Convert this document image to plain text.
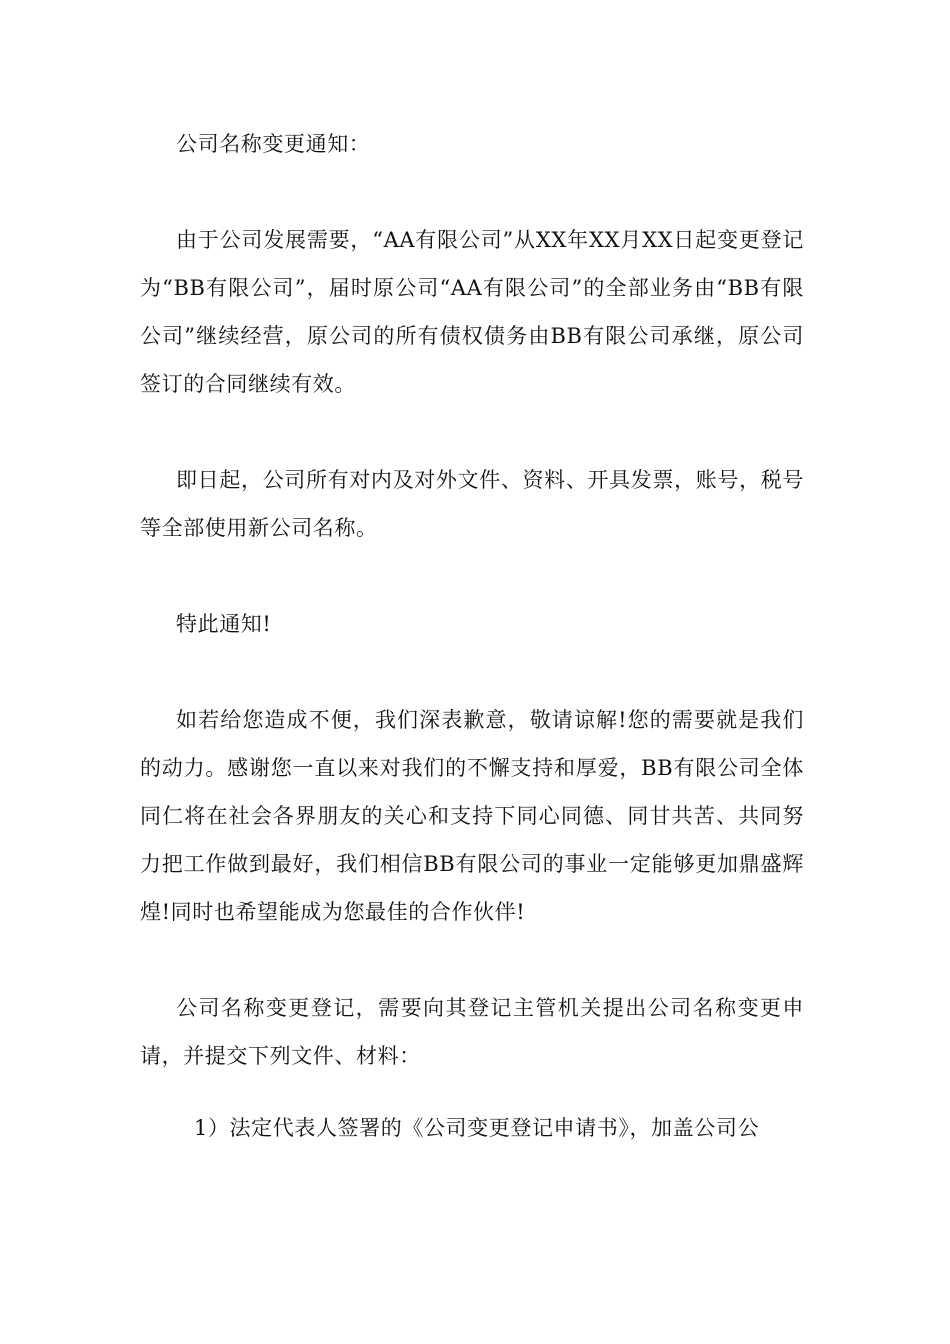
公司名称变更通知：

由于公司发展需要，“AA有限公司”从XX年XX月XX日起变更登记为“BB有限公司”，届时原公司“AA有限公司”的全部业务由“BB有限公司”继续经营，原公司的所有债权债务由BB有限公司承继，原公司签订的合同继续有效。

即日起，公司所有对内及对外文件、资料、开具发票，账号，税号等全部使用新公司名称。

特此通知!

如若给您造成不便，我们深表歉意，敬请谅解!您的需要就是我们的动力。感谢您一直以来对我们的不懈支持和厚爱，BB有限公司全体同仁将在社会各界朋友的关心和支持下同心同德、同甘共苦、共同努力把工作做到最好，我们相信BB有限公司的事业一定能够更加鼎盛辉煌!同时也希望能成为您最佳的合作伙伴!

公司名称变更登记，需要向其登记主管机关提出公司名称变更申请，并提交下列文件、材料：

1）法定代表人签署的《公司变更登记申请书》，加盖公司公
